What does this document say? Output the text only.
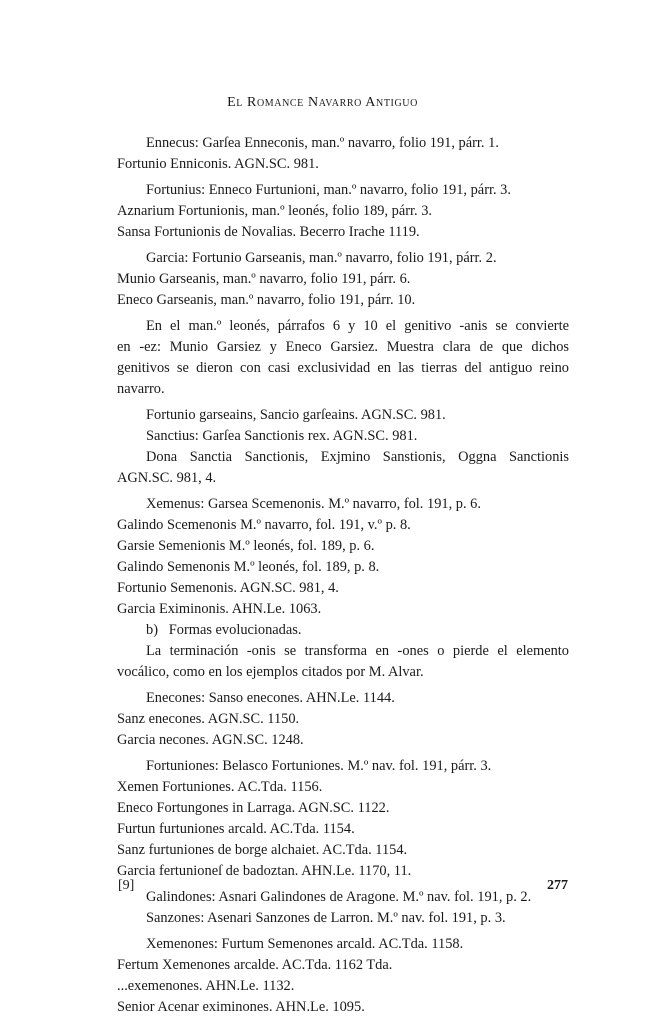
El Romance Navarro Antiguo
Ennecus: Garſea Enneconis, man.º navarro, folio 191, párr. 1.
Fortunio Enniconis. AGN.SC. 981.
Fortunius: Enneco Furtunioni, man.º navarro, folio 191, párr. 3.
Aznarium Fortunionis, man.º leonés, folio 189, párr. 3.
Sansa Fortunionis de Novalias. Becerro Irache 1119.
Garcia: Fortunio Garseanis, man.º navarro, folio 191, párr. 2.
Munio Garseanis, man.º navarro, folio 191, párr. 6.
Eneco Garseanis, man.º navarro, folio 191, párr. 10.
En el man.º leonés, párrafos 6 y 10 el genitivo -anis se convierte
en -ez: Munio Garsiez y Eneco Garsiez. Muestra clara de que dichos
genitivos se dieron con casi exclusividad en las tierras del antiguo reino
navarro.
Fortunio garseains, Sancio garſeains. AGN.SC. 981.
Sanctius: Garſea Sanctionis rex. AGN.SC. 981.
Dona Sanctia Sanctionis, Exjmino Sanstionis, Oggna Sanctionis
AGN.SC. 981, 4.
Xemenus: Garsea Scemenonis. M.º navarro, fol. 191, p. 6.
Galindo Scemenonis M.º navarro, fol. 191, v.º p. 8.
Garsie Semenionis M.º leonés, fol. 189, p. 6.
Galindo Semenonis M.º leonés, fol. 189, p. 8.
Fortunio Semenonis. AGN.SC. 981, 4.
Garcia Eximinonis. AHN.Le. 1063.
b)   Formas evolucionadas.
La terminación -onis se transforma en -ones o pierde el elemento
vocálico, como en los ejemplos citados por M. Alvar.
Enecones: Sanso enecones. AHN.Le. 1144.
Sanz enecones. AGN.SC. 1150.
Garcia necones. AGN.SC. 1248.
Fortuniones: Belasco Fortuniones. M.º nav. fol. 191, párr. 3.
Xemen Fortuniones. AC.Tda. 1156.
Eneco Fortungones in Larraga. AGN.SC. 1122.
Furtun furtuniones arcald. AC.Tda. 1154.
Sanz furtuniones de borge alchaiet. AC.Tda. 1154.
Garcia fertunioneſ de badoztan. AHN.Le. 1170, 11.
Galindones: Asnari Galindones de Aragone. M.º nav. fol. 191, p. 2.
Sanzones: Asenari Sanzones de Larron. M.º nav. fol. 191, p. 3.
Xemenones: Furtum Semenones arcald. AC.Tda. 1158.
Fertum Xemenones arcalde. AC.Tda. 1162 Tda.
...exemenones. AHN.Le. 1132.
Senior Acenar eximinones. AHN.Le. 1095.
[9]	277
